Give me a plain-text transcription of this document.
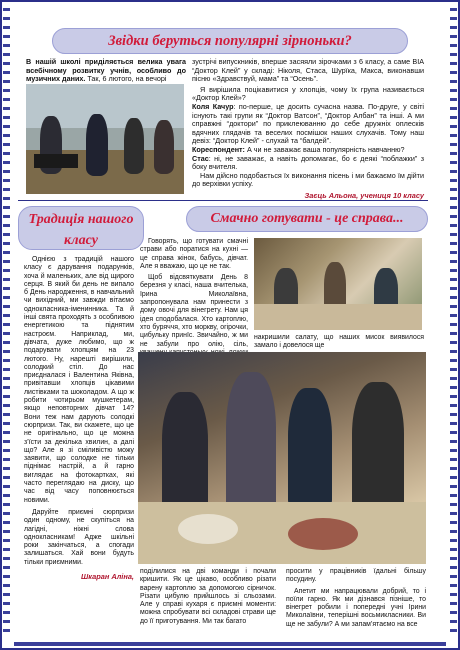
Звідки беруться популярні зірноньки?

В нашій школі приділяється велика увага всебічному розвитку учнів, особливо до музичних даних. Так, 6 лютого, на вечорі

зустрічі випускників, вперше засяяли зірочками з 6 класу, а саме ВІА “Доктор Клей” у складі: Ніколя, Стаса, Шурїка, Макса, виконавши пісню «Здравствуй, мама” та “Осень”.

Я вирішила поцікавитися у хлопців, чому їх група називається «Доктор Клей»?

Коля Качур: по-перше, це досить сучасна назва. По-друге, у світі існують такі групи як “Доктор Ватсон”, “Доктор Албан” та інші. А ми справжні “доктори” по приклеюванню до себе дружніх оплесків вдячних глядачів та веселих посмішок наших слухачів. Тому наш девіз: “Доктор Клей” - слухай та “балдей”.

Кореспондент: А чи не заважає ваша популярність навчанню?

Стас: ні, не заважає, а навіть допомагає, бо є деякі “поблажки” з боку вчителя.

Нам дійсно подобається їх виконання пісень і ми бажаємо їм дійти до верхівки успіху.

Заєць Альона, учениця 10 класу
Традиція нашого
класу

Однією з традицій нашого класу є дарування подарунків, хоча й маленьких, але від щирого серця. В який би день не випало б День народження, в навчальний чи вихідний, ми завжди вітаємо однокласника-іменинника. Та й інші свята проходять з особливою енергетикою та піднятим настроєм. Наприклад, ми, дівчата, дуже любимо, що ж подарувати хлопцям на 23 лютого. Ну, нарешті вирішили, солодкий стіл. До нас приєдналася і Валентина Яківна, привітавши хлопців цікавими листівками та шоколадом. А що ж робити чотирьом мушкетерам, якщо неповторних дівчат 14? Вони теж нам дарують солодкі сюрпризи. Так, ви скажете, що це не оригінально, що це можна з’їсти за декілька хвилин, а далі що? Але я зі сміливістю можу заявити, що солодке не тільки піднімає настрій, а й гарно виглядає на фотокартках, які часто переглядаю на диску, що час від часу поповнюється новими.

Даруйте приємні сюрпризи один одному, не скупіться на лагідні, ніжні слова однокласникам! Адже шкільні роки закінчаться, а спогади залишаться. Хай вони будуть тільки приємними.

Шкаран Аліна,
Смачно готувати - це справа...

Говорять, що готувати смачні страви або поратися на кухні — це справа жінок, бабусь, дівчат. Але я вважаю, що це не так.

Щоб відсвяткувати День 8 березня у класі, наша вчителька, Ірина Миколаївна, запропонувала нам принести з дому овочі для вінегрету. Нам ця ідея сподобалася. Хто картоплю, хто буряччя, хто моркву, огірочки, цибульку принїс. Звичайно, ж ми не забули про олію, сіль,

накришили салату, що наших мисок виявилося замало і довелося ще

поділилися на дві команди і почали кришити. Як це цікаво, особливо різати варену картоплю за допомогою сірничок. Різати цибулю прийшлось зі сльозами. Але у справі кухаря є приємні моменти: можна спробувати всі складові страви ще до її приготування. Ми так багато

просити у працівників їдальні більшу посудину.

Апетит ми напрацювали добрий, то і поїли гарно. Як ми дізнався пізніше, то вінегрет робили і попередні учні Ірини Миколаївни, теперішні восьмикласники. Ви ще не забули? А ми запам’ятаємо на все
